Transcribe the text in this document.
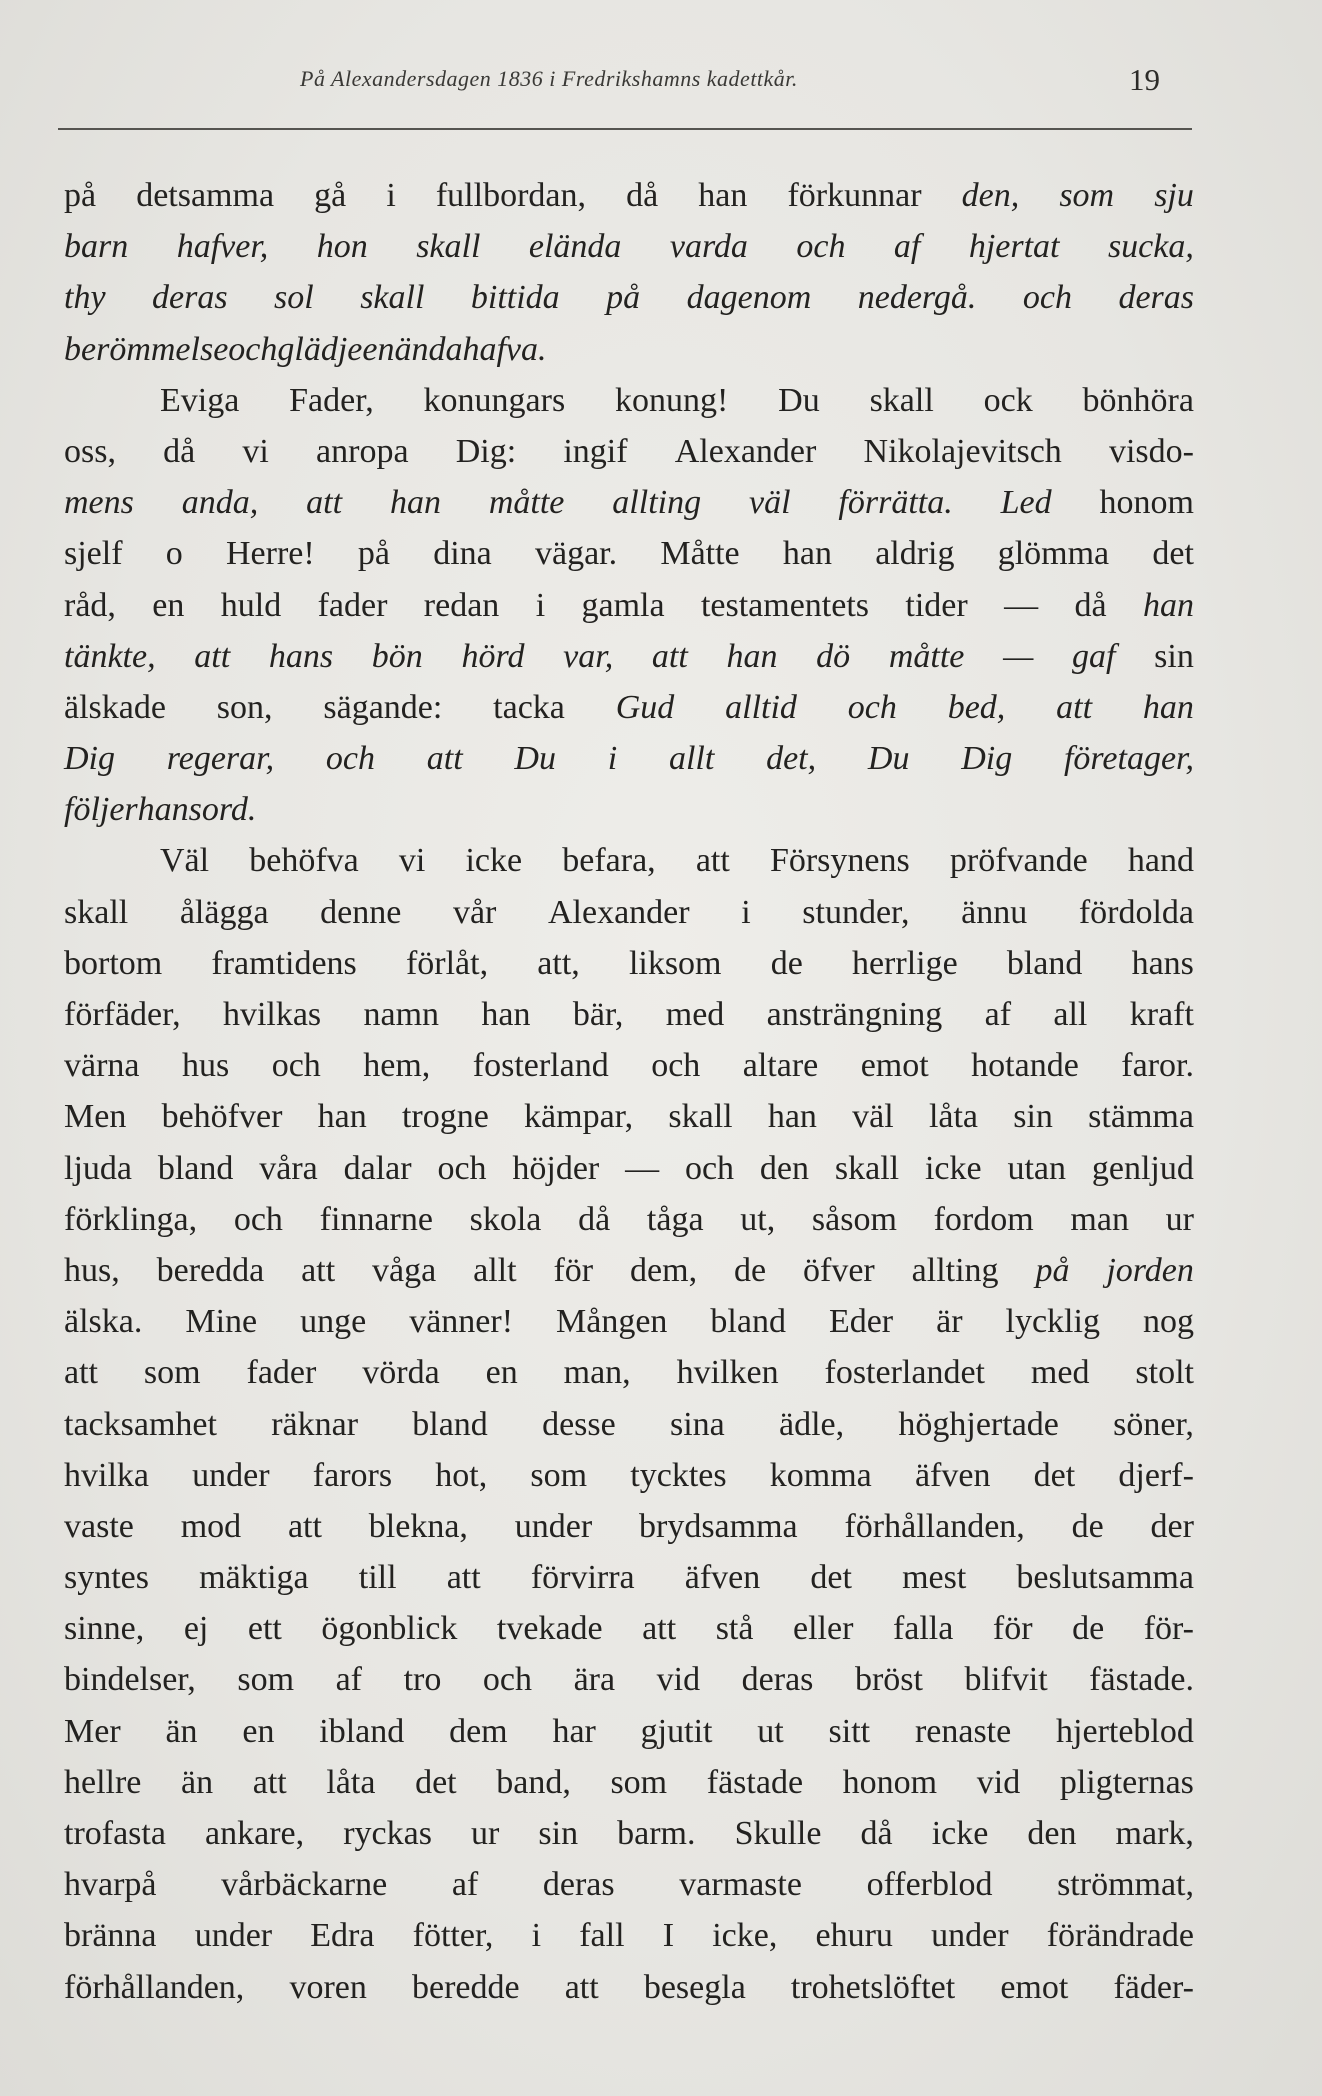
På Alexandersdagen 1836 i Fredrikshamns kadettkår.	19
på detsamma gå i fullbordan, då han förkunnar den, som sju
barn hafver, hon skall elända varda och af hjertat sucka,
thy deras sol skall bittida på dagenom nedergå. och deras
berömmelse och glädje en ända hafva.
Eviga Fader, konungars konung! Du skall ock bönhöra
oss, då vi anropa Dig: ingif Alexander Nikolajevitsch visdo-
mens anda, att han måtte allting väl förrätta. Led honom
sjelf o Herre! på dina vägar. Måtte han aldrig glömma det
råd, en huld fader redan i gamla testamentets tider — då han
tänkte, att hans bön hörd var, att han dö måtte — gaf sin
älskade son, sägande: tacka Gud alltid och bed, att han
Dig regerar, och att Du i allt det, Du Dig företager,
följer hans ord.
Väl behöfva vi icke befara, att Försynens pröfvande hand
skall ålägga denne vår Alexander i stunder, ännu fördolda
bortom framtidens förlåt, att, liksom de herrlige bland hans
förfäder, hvilkas namn han bär, med ansträngning af all kraft
värna hus och hem, fosterland och altare emot hotande faror.
Men behöfver han trogne kämpar, skall han väl låta sin stämma
ljuda bland våra dalar och höjder — och den skall icke utan genljud
förklinga, och finnarne skola då tåga ut, såsom fordom man ur
hus, beredda att våga allt för dem, de öfver allting på jorden
älska. Mine unge vänner! Mången bland Eder är lycklig nog
att som fader vörda en man, hvilken fosterlandet med stolt
tacksamhet räknar bland desse sina ädle, höghjertade söner,
hvilka under farors hot, som tycktes komma äfven det djerf-
vaste mod att blekna, under brydsamma förhållanden, de der
syntes mäktiga till att förvirra äfven det mest beslutsamma
sinne, ej ett ögonblick tvekade att stå eller falla för de för-
bindelser, som af tro och ära vid deras bröst blifvit fästade.
Mer än en ibland dem har gjutit ut sitt renaste hjerteblod
hellre än att låta det band, som fästade honom vid pligternas
trofasta ankare, ryckas ur sin barm. Skulle då icke den mark,
hvarpå vårbäckarne af deras varmaste offerblod strömmat,
bränna under Edra fötter, i fall I icke, ehuru under förändrade
förhållanden, voren beredde att besegla trohetslöftet emot fäder-
